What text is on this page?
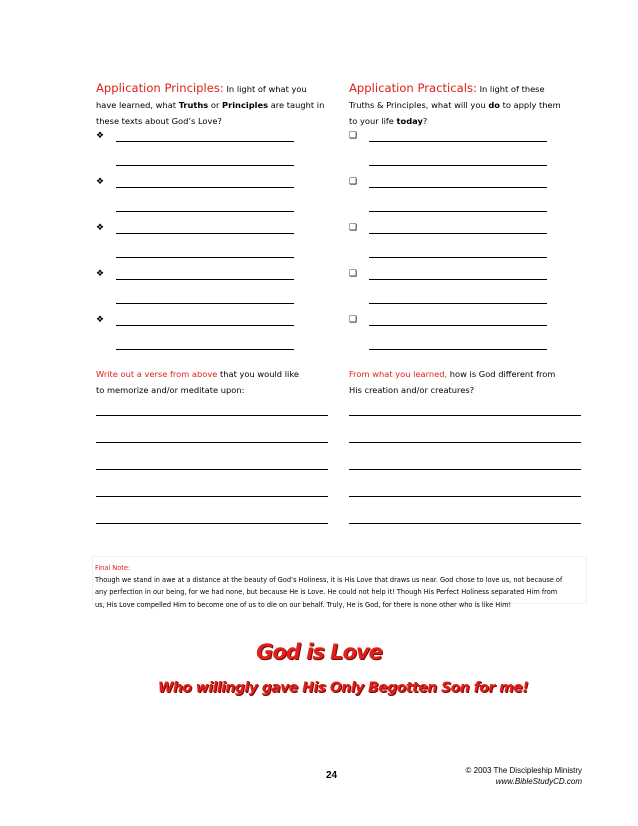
Application Principles: In light of what you
have learned, what Truths or Principles are taught in
these texts about God’s Love?
Application Practicals: In light of these
Truths & Principles, what will you do to apply them
to your life today?
❖
❖
❖
❖
❖
❑
❑
❑
❑
❑
Write out a verse from above that you would like
to memorize and/or meditate upon:
From what you learned, how is God different from
His creation and/or creatures?
Final Note:
Though we stand in awe at a distance at the beauty of God’s Holiness, it is His Love that draws us near. God chose to love us, not because of
any perfection in our being, for we had none, but because He is Love. He could not help it! Though His Perfect Holiness separated Him from
us, His Love compelled Him to become one of us to die on our behalf. Truly, He is God, for there is none other who is like Him!
God is Love
Who willingly gave His Only Begotten Son for me!
24	© 2003 The Discipleship Ministry
www.BibleStudyCD.com
